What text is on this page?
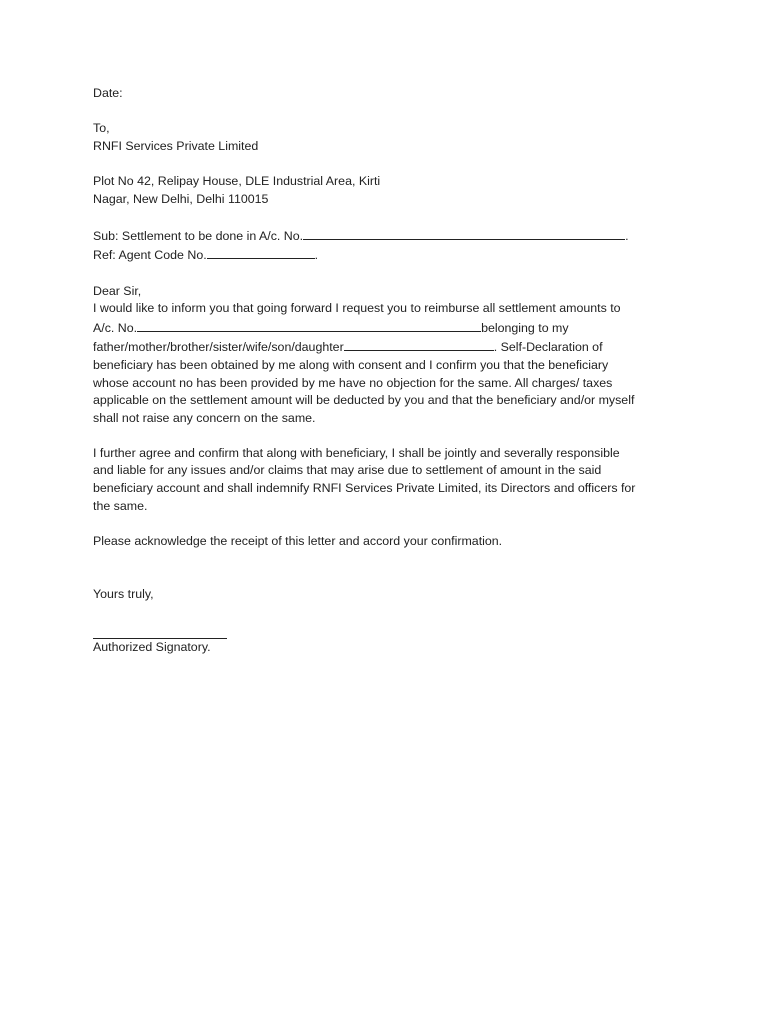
Date:
To,
RNFI Services Private Limited
Plot No 42, Relipay House, DLE Industrial Area, Kirti
Nagar, New Delhi, Delhi 110015
Sub: Settlement to be done in A/c. No.	.
Ref: Agent Code No.	.
Dear Sir,
I would like to inform you that going forward I request you to reimburse all settlement amounts to
A/c. No.	belonging to my
father/mother/brother/sister/wife/son/daughter	. Self-Declaration of
beneficiary has been obtained by me along with consent and I confirm you that the beneficiary
whose account no has been provided by me have no objection for the same. All charges/ taxes
applicable on the settlement amount will be deducted by you and that the beneficiary and/or myself
shall not raise any concern on the same.
I further agree and confirm that along with beneficiary, I shall be jointly and severally responsible
and liable for any issues and/or claims that may arise due to settlement of amount in the said
beneficiary account and shall indemnify RNFI Services Private Limited, its Directors and officers for
the same.
Please acknowledge the receipt of this letter and accord your confirmation.
Yours truly,
Authorized Signatory.
